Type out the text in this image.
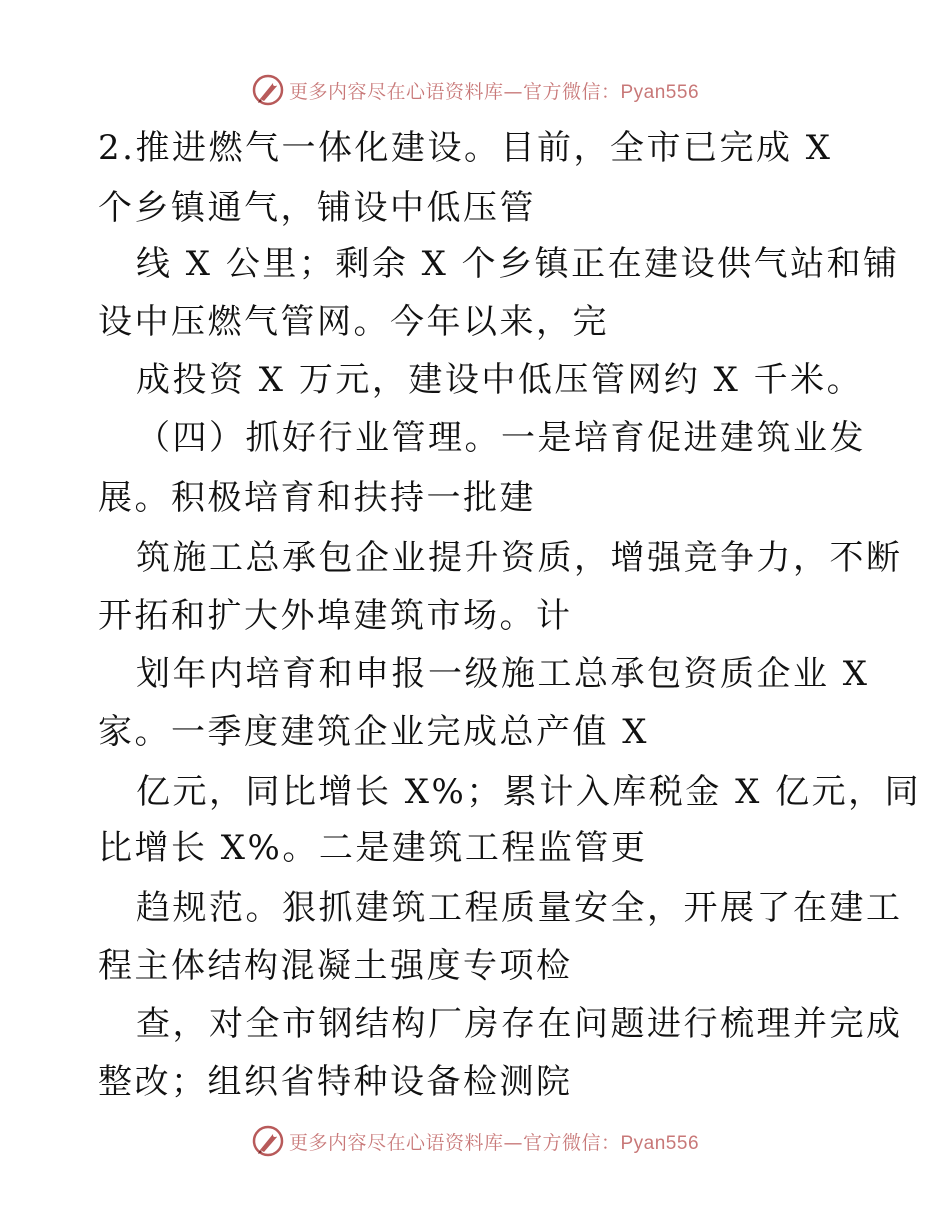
更多内容尽在心语资料库—官方微信：Pyan556
2.推进燃气一体化建设。目前，全市已完成 X
个乡镇通气，铺设中低压管
线 X 公里；剩余 X 个乡镇正在建设供气站和铺
设中压燃气管网。今年以来，完
成投资 X 万元，建设中低压管网约 X 千米。
（四）抓好行业管理。一是培育促进建筑业发
展。积极培育和扶持一批建
筑施工总承包企业提升资质，增强竞争力，不断
开拓和扩大外埠建筑市场。计
划年内培育和申报一级施工总承包资质企业 X
家。一季度建筑企业完成总产值 X
亿元，同比增长 X%；累计入库税金 X 亿元，同
比增长 X%。二是建筑工程监管更
趋规范。狠抓建筑工程质量安全，开展了在建工
程主体结构混凝土强度专项检
查，对全市钢结构厂房存在问题进行梳理并完成
整改；组织省特种设备检测院
更多内容尽在心语资料库—官方微信：Pyan556
